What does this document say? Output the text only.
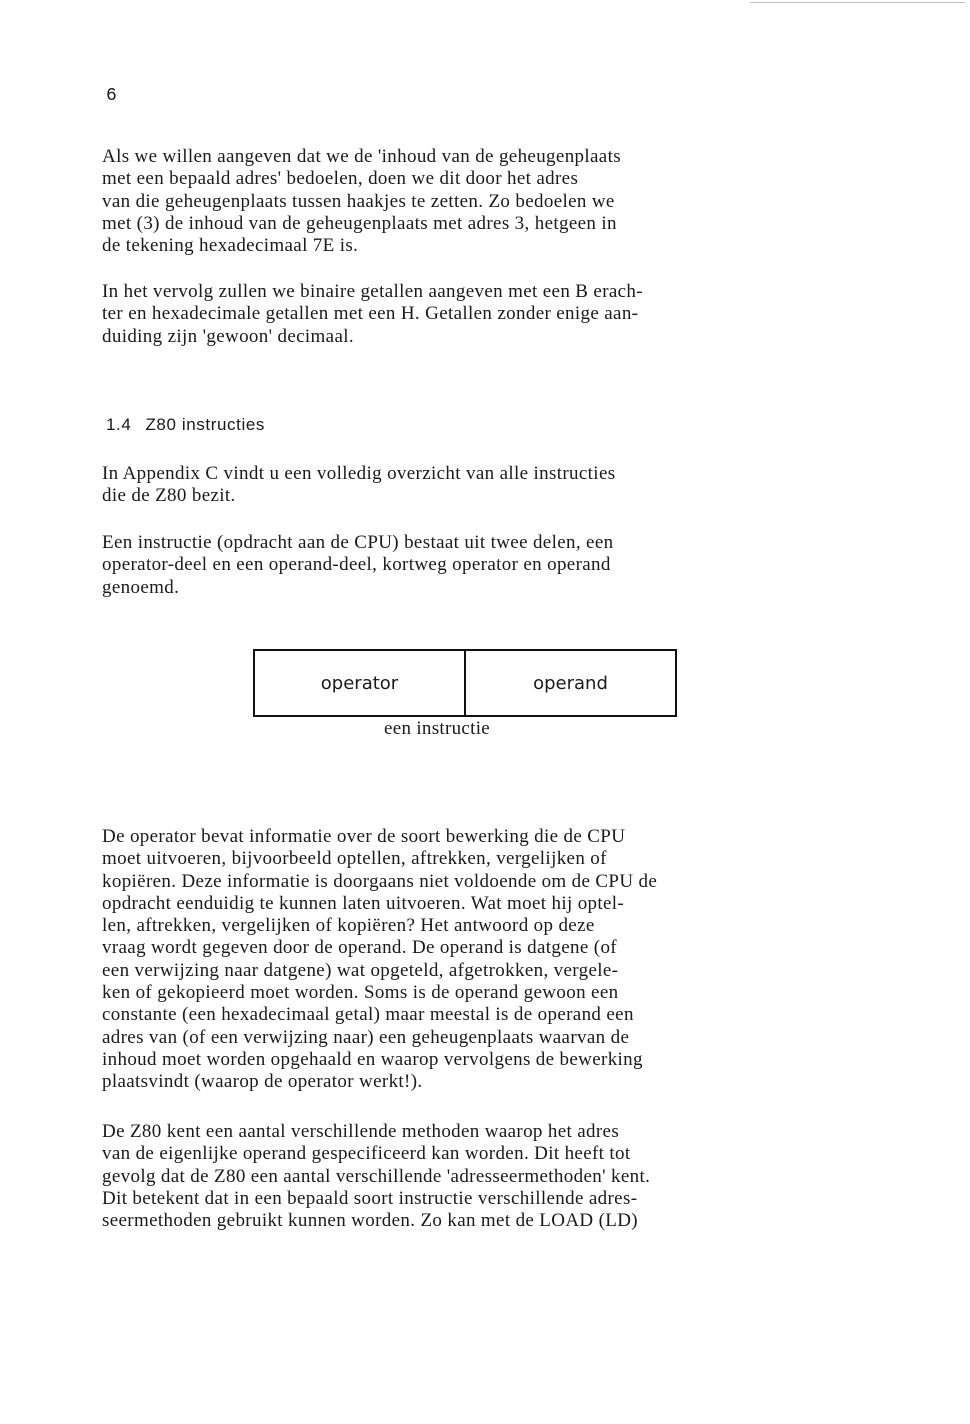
6
Als we willen aangeven dat we de 'inhoud van de geheugenplaats
met een bepaald adres' bedoelen, doen we dit door het adres
van die geheugenplaats tussen haakjes te zetten. Zo bedoelen we
met (3) de inhoud van de geheugenplaats met adres 3, hetgeen in
de tekening hexadecimaal 7E is.
In het vervolg zullen we binaire getallen aangeven met een B erach-
ter en hexadecimale getallen met een H. Getallen zonder enige aan-
duiding zijn 'gewoon' decimaal.
1.4 Z80 instructies
In Appendix C vindt u een volledig overzicht van alle instructies
die de Z80 bezit.
Een instructie (opdracht aan de CPU) bestaat uit twee delen, een
operator-deel en een operand-deel, kortweg operator en operand
genoemd.
operator	operand
een instructie
De operator bevat informatie over de soort bewerking die de CPU
moet uitvoeren, bijvoorbeeld optellen, aftrekken, vergelijken of
kopiëren. Deze informatie is doorgaans niet voldoende om de CPU de
opdracht eenduidig te kunnen laten uitvoeren. Wat moet hij optel-
len, aftrekken, vergelijken of kopiëren? Het antwoord op deze
vraag wordt gegeven door de operand. De operand is datgene (of
een verwijzing naar datgene) wat opgeteld, afgetrokken, vergele-
ken of gekopieerd moet worden. Soms is de operand gewoon een
constante (een hexadecimaal getal) maar meestal is de operand een
adres van (of een verwijzing naar) een geheugenplaats waarvan de
inhoud moet worden opgehaald en waarop vervolgens de bewerking
plaatsvindt (waarop de operator werkt!).
De Z80 kent een aantal verschillende methoden waarop het adres
van de eigenlijke operand gespecificeerd kan worden. Dit heeft tot
gevolg dat de Z80 een aantal verschillende 'adresseermethoden' kent.
Dit betekent dat in een bepaald soort instructie verschillende adres-
seermethoden gebruikt kunnen worden. Zo kan met de LOAD (LD)
